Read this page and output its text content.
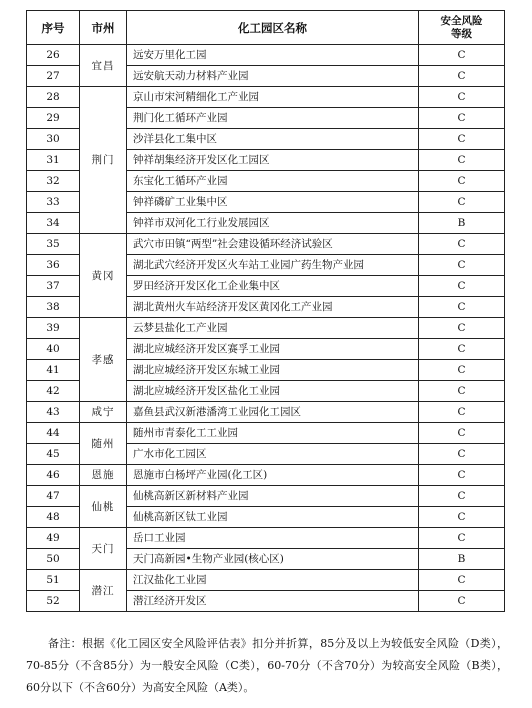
序号	市州	化工园区名称	安全风险
等级
26	宜昌	远安万里化工园	C
27		远安航天动力材料产业园	C
28	荆门	京山市宋河精细化工产业园	C
29		荆门化工循环产业园	C
30		沙洋县化工集中区	C
31		钟祥胡集经济开发区化工园区	C
32		东宝化工循环产业园	C
33		钟祥磷矿工业集中区	C
34		钟祥市双河化工行业发展园区	B
35	黄冈	武穴市田镇“两型”社会建设循环经济试验区	C
36		湖北武穴经济开发区火车站工业园广药生物产业园	C
37		罗田经济开发区化工企业集中区	C
38		湖北黄州火车站经济开发区黄冈化工产业园	C
39	孝感	云梦县盐化工产业园	C
40		湖北应城经济开发区赛孚工业园	C
41		湖北应城经济开发区东城工业园	C
42		湖北应城经济开发区盐化工业园	C
43	咸宁	嘉鱼县武汉新港潘湾工业园化工园区	C
44	随州	随州市青泰化工工业园	C
45		广水市化工园区	C
46	恩施	恩施市白杨坪产业园(化工区)	C
47	仙桃	仙桃高新区新材料产业园	C
48		仙桃高新区钛工业园	C
49	天门	岳口工业园	C
50		天门高新园•生物产业园(核心区)	B
51	潜江	江汉盐化工业园	C
52		潜江经济开发区	C
备注：根据《化工园区安全风险评估表》扣分并折算，85分及以上为较低安全风险（D类），70-85分（不含85分）为一般安全风险（C类），60-70分（不含70分）为较高安全风险（B类），60分以下（不含60分）为高安全风险（A类）。
